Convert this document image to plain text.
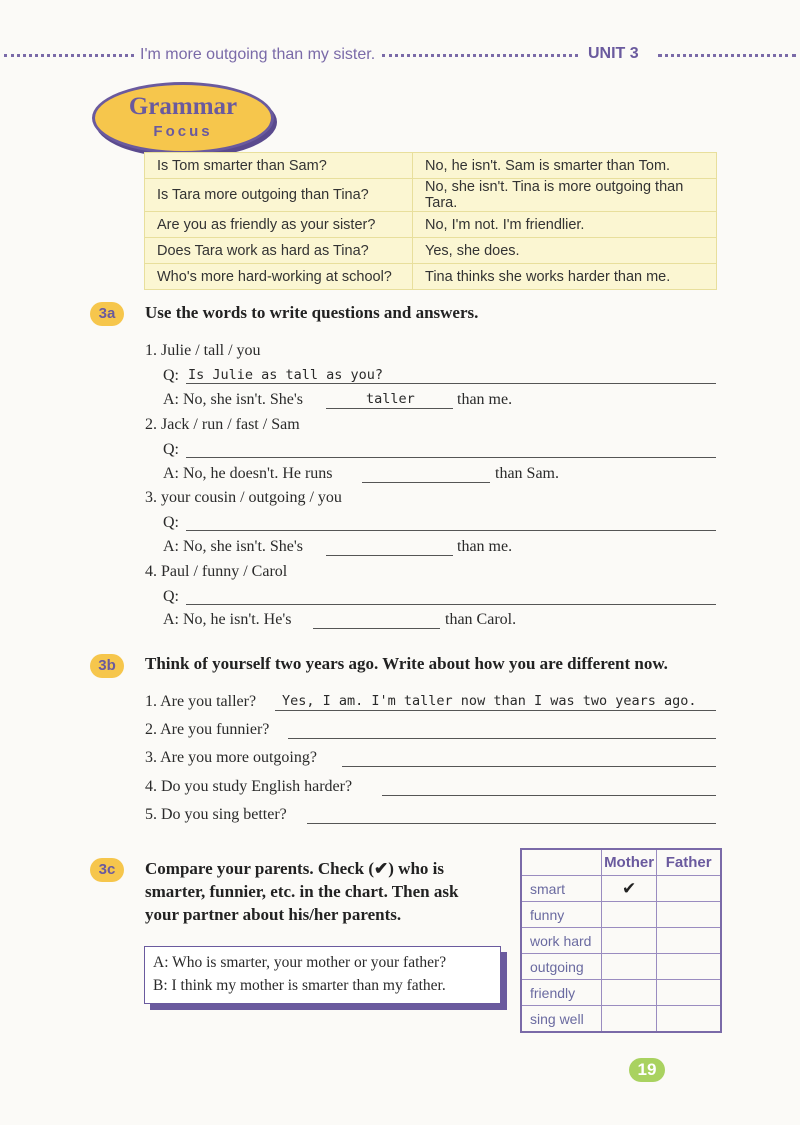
I'm more outgoing than my sister.	UNIT 3
Grammar
Focus
Is Tom smarter than Sam?	No, he isn't. Sam is smarter than Tom.
Is Tara more outgoing than Tina?	No, she isn't. Tina is more outgoing than Tara.
Are you as friendly as your sister?	No, I'm not. I'm friendlier.
Does Tara work as hard as Tina?	Yes, she does.
Who's more hard-working at school?	Tina thinks she works harder than me.
3a	Use the words to write questions and answers.
1. Julie / tall / you
Q: Is Julie as tall as you?
A: No, she isn't. She's	taller	than me.
2. Jack / run / fast / Sam
Q:
A: No, he doesn't. He runs	than Sam.
3. your cousin / outgoing / you
Q:
A: No, she isn't. She's	than me.
4. Paul / funny / Carol
Q:
A: No, he isn't. He's	than Carol.
3b	Think of yourself two years ago. Write about how you are different now.
1. Are you taller? Yes, I am. I'm taller now than I was two years ago.
2. Are you funnier?
3. Are you more outgoing?
4. Do you study English harder?
5. Do you sing better?
3c	Compare your parents. Check (✔) who is
smarter, funnier, etc. in the chart. Then ask
your partner about his/her parents.
A: Who is smarter, your mother or your father?
B: I think my mother is smarter than my father.
	Mother	Father
smart	✔	
funny		
work hard		
outgoing		
friendly		
sing well		
19
